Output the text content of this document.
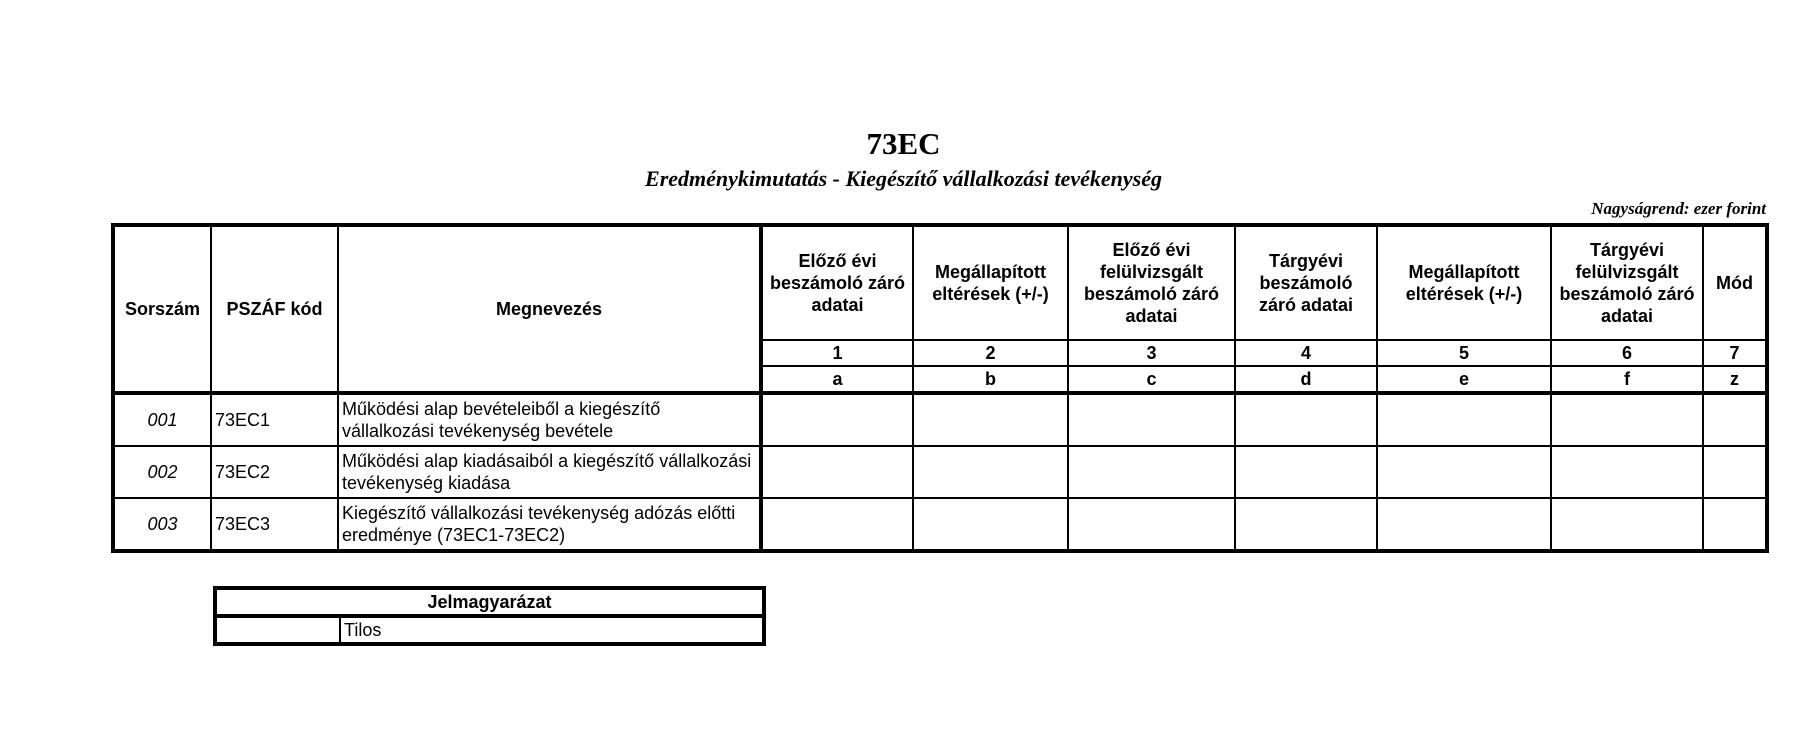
73EC
Eredménykimutatás - Kiegészítő vállalkozási tevékenység
Nagyságrend: ezer forint
Sorszám	PSZÁF kód	Megnevezés	Előző évi beszámoló záró adatai	Megállapított eltérések (+/-)	Előző évi felülvizsgált beszámoló záró adatai	Tárgyévi beszámoló záró adatai	Megállapított eltérések (+/-)	Tárgyévi felülvizsgált beszámoló záró adatai	Mód
			1	2	3	4	5	6	7
			a	b	c	d	e	f	z
001	73EC1	Működési alap bevételeiből a kiegészítő vállalkozási tevékenység bevétele							
002	73EC2	Működési alap kiadásaiból a kiegészítő vállalkozási tevékenység kiadása							
003	73EC3	Kiegészítő vállalkozási tevékenység adózás előtti eredménye (73EC1-73EC2)							
Jelmagyarázat
	Tilos
